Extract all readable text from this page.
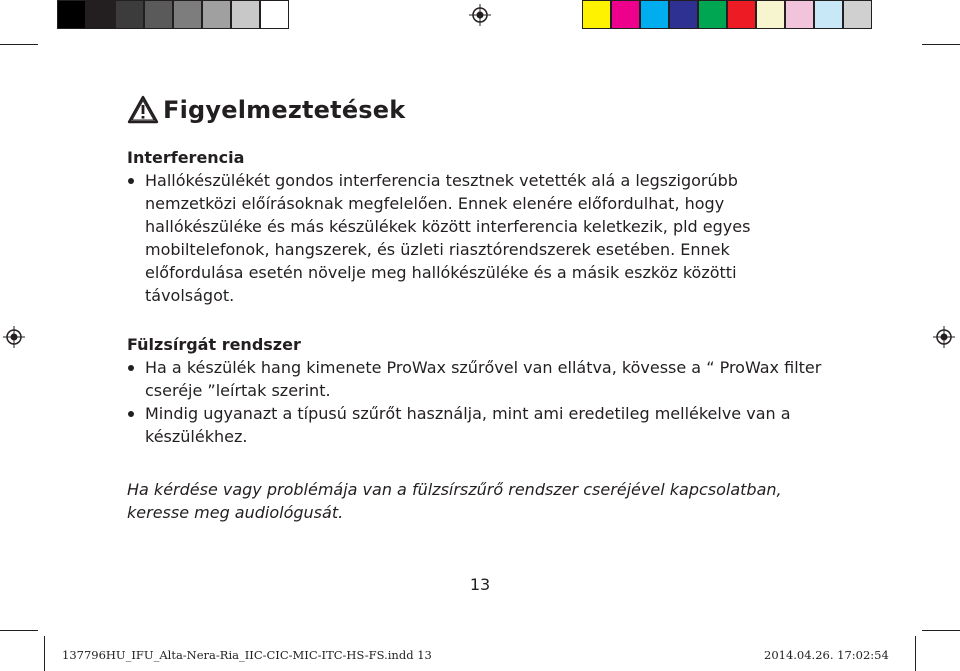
Figyelmeztetések

Interferencia

Hallókészülékét gondos interferencia tesztnek vetették alá a legszigorúbb nemzetközi előírásoknak megfelelően. Ennek elenére előfordulhat, hogy hallókészüléke és más készülékek között interferencia keletkezik, pld egyes mobiltelefonok, hangszerek, és üzleti riasztórendszerek esetében. Ennek előfordulása esetén növelje meg hallókészüléke és a másik eszköz közötti távolságot.

Fülzsírgát rendszer

Ha a készülék hang kimenete ProWax szűrővel van ellátva, kövesse a “ ProWax filter cseréje ”leírtak szerint.
Mindig ugyanazt a típusú szűrőt használja, mint ami eredetileg mellékelve van a készülékhez.

Ha kérdése vagy problémája van a fülzsírszűrő rendszer cseréjével kapcsolatban, keresse meg audiológusát.

13
137796HU_IFU_Alta-Nera-Ria_IIC-CIC-MIC-ITC-HS-FS.indd 13	2014.04.26. 17:02:54
